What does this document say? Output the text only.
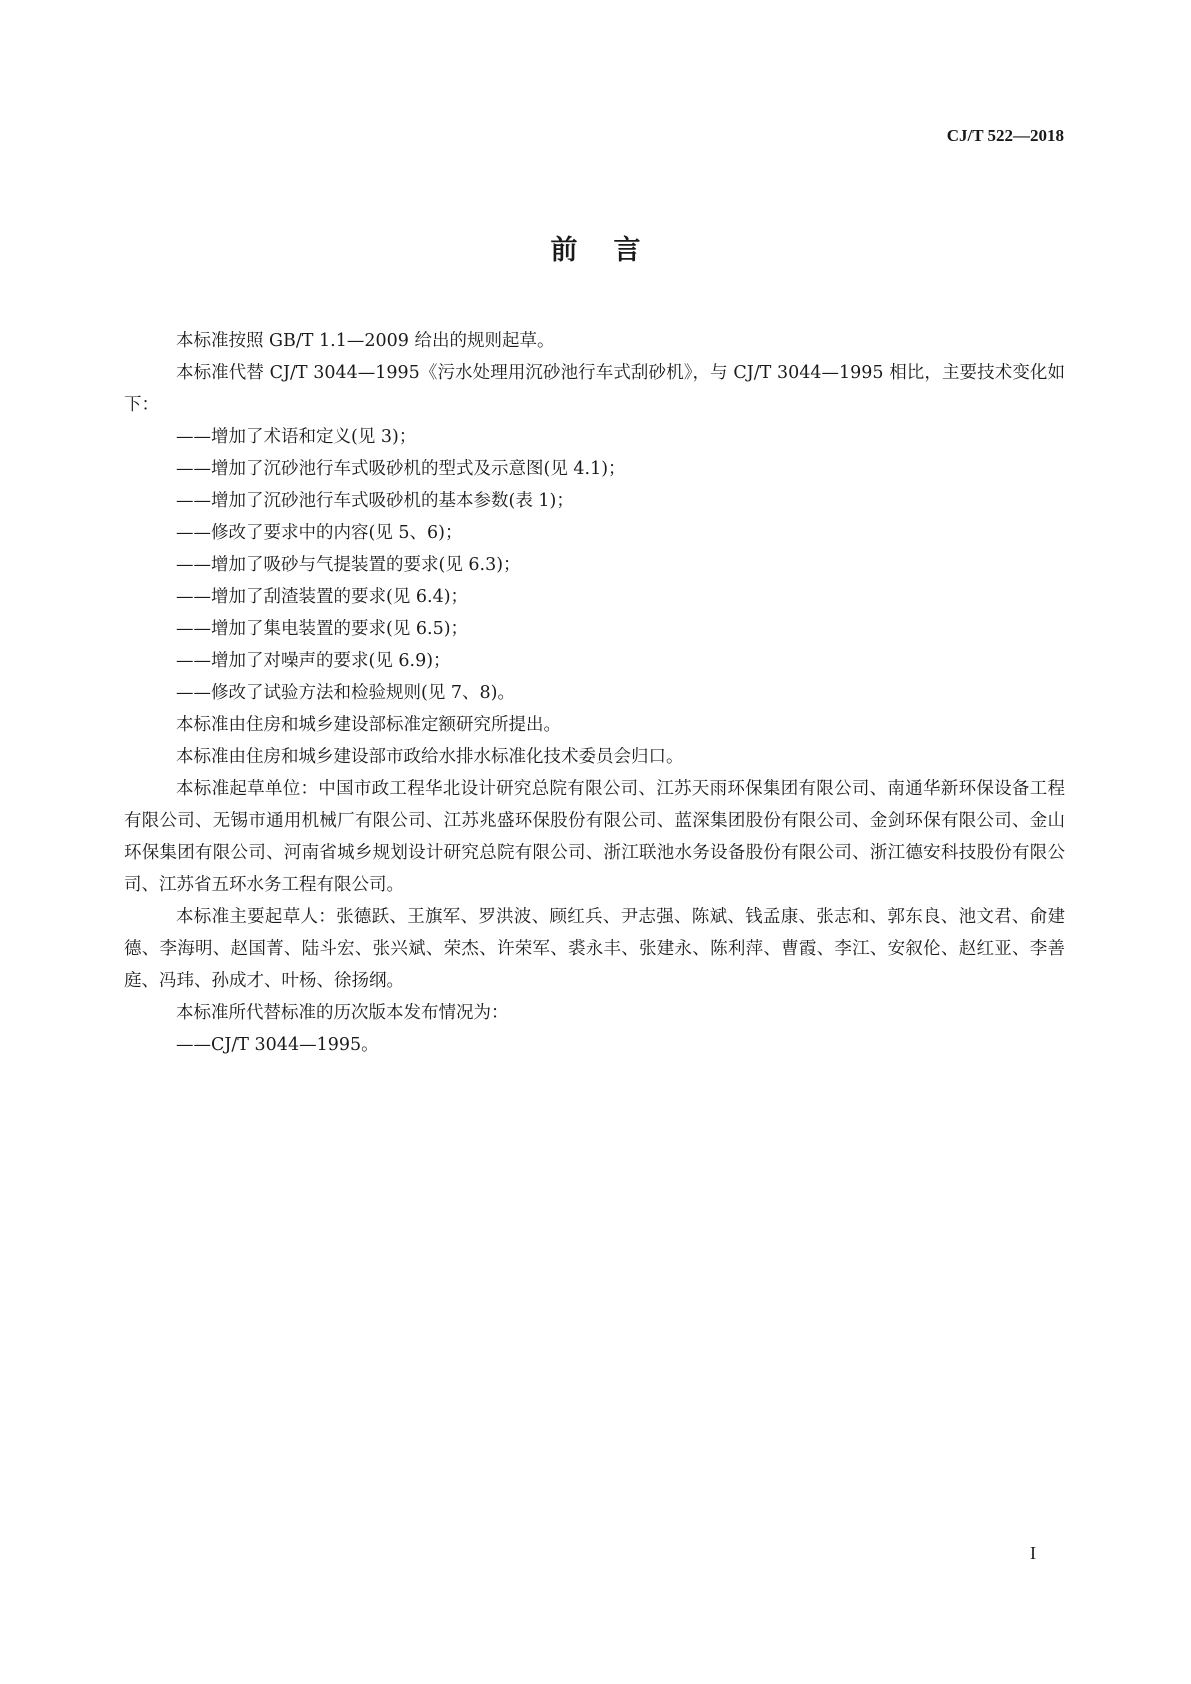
CJ/T 522—2018
前言

本标准按照 GB/T 1.1—2009 给出的规则起草。

本标准代替 CJ/T 3044—1995《污水处理用沉砂池行车式刮砂机》，与 CJ/T 3044—1995 相比，主要技术变化如下：

——增加了术语和定义(见 3)；

——增加了沉砂池行车式吸砂机的型式及示意图(见 4.1)；

——增加了沉砂池行车式吸砂机的基本参数(表 1)；

——修改了要求中的内容(见 5、6)；

——增加了吸砂与气提装置的要求(见 6.3)；

——增加了刮渣装置的要求(见 6.4)；

——增加了集电装置的要求(见 6.5)；

——增加了对噪声的要求(见 6.9)；

——修改了试验方法和检验规则(见 7、8)。

本标准由住房和城乡建设部标准定额研究所提出。

本标准由住房和城乡建设部市政给水排水标准化技术委员会归口。

本标准起草单位：中国市政工程华北设计研究总院有限公司、江苏天雨环保集团有限公司、南通华新环保设备工程有限公司、无锡市通用机械厂有限公司、江苏兆盛环保股份有限公司、蓝深集团股份有限公司、金剑环保有限公司、金山环保集团有限公司、河南省城乡规划设计研究总院有限公司、浙江联池水务设备股份有限公司、浙江德安科技股份有限公司、江苏省五环水务工程有限公司。

本标准主要起草人：张德跃、王旗军、罗洪波、顾红兵、尹志强、陈斌、钱孟康、张志和、郭东良、池文君、俞建德、李海明、赵国菁、陆斗宏、张兴斌、荣杰、许荣军、裘永丰、张建永、陈利萍、曹霞、李江、安叙伦、赵红亚、李善庭、冯玮、孙成才、叶杨、徐扬纲。

本标准所代替标准的历次版本发布情况为：

——CJ/T 3044—1995。

I
